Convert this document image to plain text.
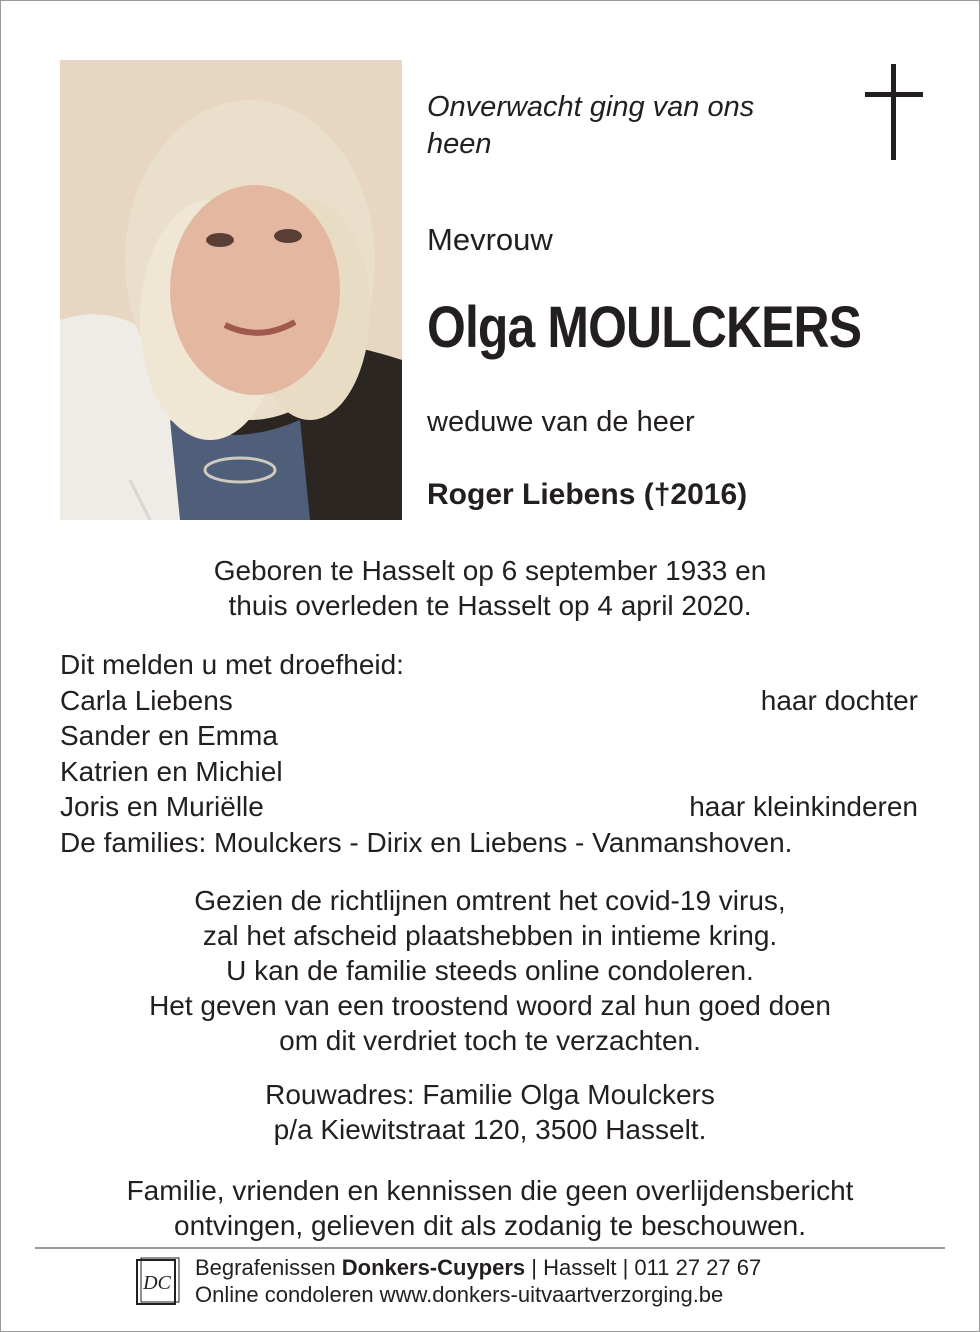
Onverwacht ging van ons heen
Mevrouw
Olga MOULCKERS
weduwe van de heer
Roger Liebens (†2016)
Geboren te Hasselt op 6 september 1933 en
thuis overleden te Hasselt op 4 april 2020.
Dit melden u met droefheid:
Carla Liebens	haar dochter
Sander en Emma
Katrien en Michiel
Joris en Muriëlle	haar kleinkinderen
De families: Moulckers - Dirix en Liebens - Vanmanshoven.
Gezien de richtlijnen omtrent het covid-19 virus,
zal het afscheid plaatshebben in intieme kring.
U kan de familie steeds online condoleren.
Het geven van een troostend woord zal hun goed doen
om dit verdriet toch te verzachten.
Rouwadres: Familie Olga Moulckers
p/a Kiewitstraat 120, 3500 Hasselt.
Familie, vrienden en kennissen die geen overlijdensbericht
ontvingen, gelieven dit als zodanig te beschouwen.
DC
Begrafenissen Donkers-Cuypers | Hasselt | 011 27 27 67
Online condoleren www.donkers-uitvaartverzorging.be
